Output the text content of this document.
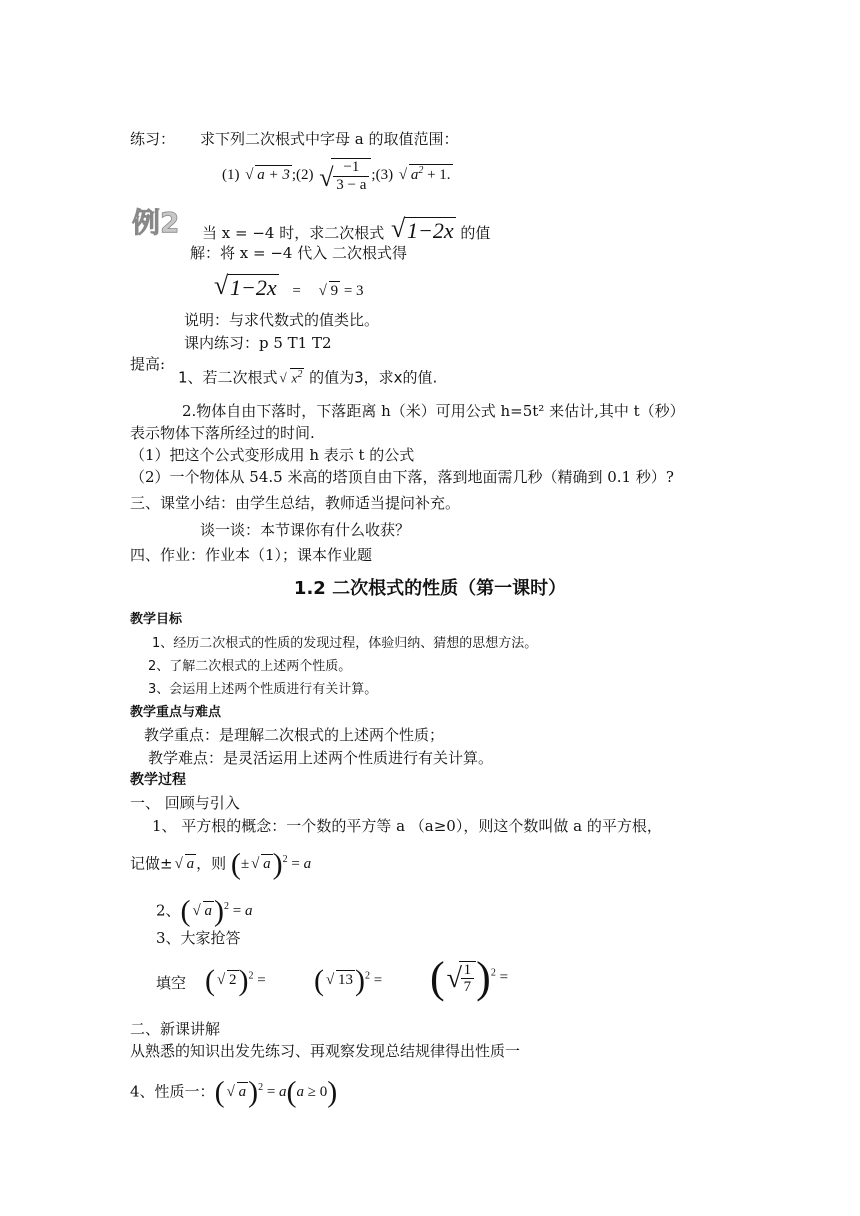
练习： 求下列二次根式中字母 a 的取值范围：
(1) √ a + 3 ;(2) √
$\frac{-1}{3 - a}$ ;(3) √ $a^2 + 1$.
例2 当 x = −4 时，求二次根式 √ 1−2x 的值
解：将 x = −4 代入 二次根式得
√ 1−2x = √ 9 = 3
说明：与求代数式的值类比。
课内练习：p 5 T1 T2
提高:
1、若二次根式 √ $x^2$ 的值为3，求x的值.
2.物体自由下落时，下落距离 h（米）可用公式 h=5t² 来估计,其中 t（秒）
表示物体下落所经过的时间.
（1）把这个公式变形成用 h 表示 t 的公式
（2）一个物体从 54.5 米高的塔顶自由下落，落到地面需几秒（精确到 0.1 秒）?
三、课堂小结：由学生总结，教师适当提问补充。
谈一谈：本节课你有什么收获？
四、作业：作业本（1）；课本作业题
1.2 二次根式的性质（第一课时）
教学目标
1、经历二次根式的性质的发现过程，体验归纳、猜想的思想方法。
2、了解二次根式的上述两个性质。
3、会运用上述两个性质进行有关计算。
教学重点与难点
教学重点：是理解二次根式的上述两个性质；
教学难点：是灵活运用上述两个性质进行有关计算。
教学过程
一、 回顾与引入
1、 平方根的概念：一个数的平方等 a （a≥0），则这个数叫做 a 的平方根，
记做± √ a ，则 (± √ a)$^2$ = a
2、( √ a)$^2$ = a
3、大家抢答
填空 ( √ 2)$^2$ = ( √ 13)$^2$ = ( √
$\frac{1}{7} )^2$ =
二、新课讲解
从熟悉的知识出发先练习、再观察发现总结规律得出性质一
4、性质一：( √ a)$^2$ = a(a ≥ 0)
